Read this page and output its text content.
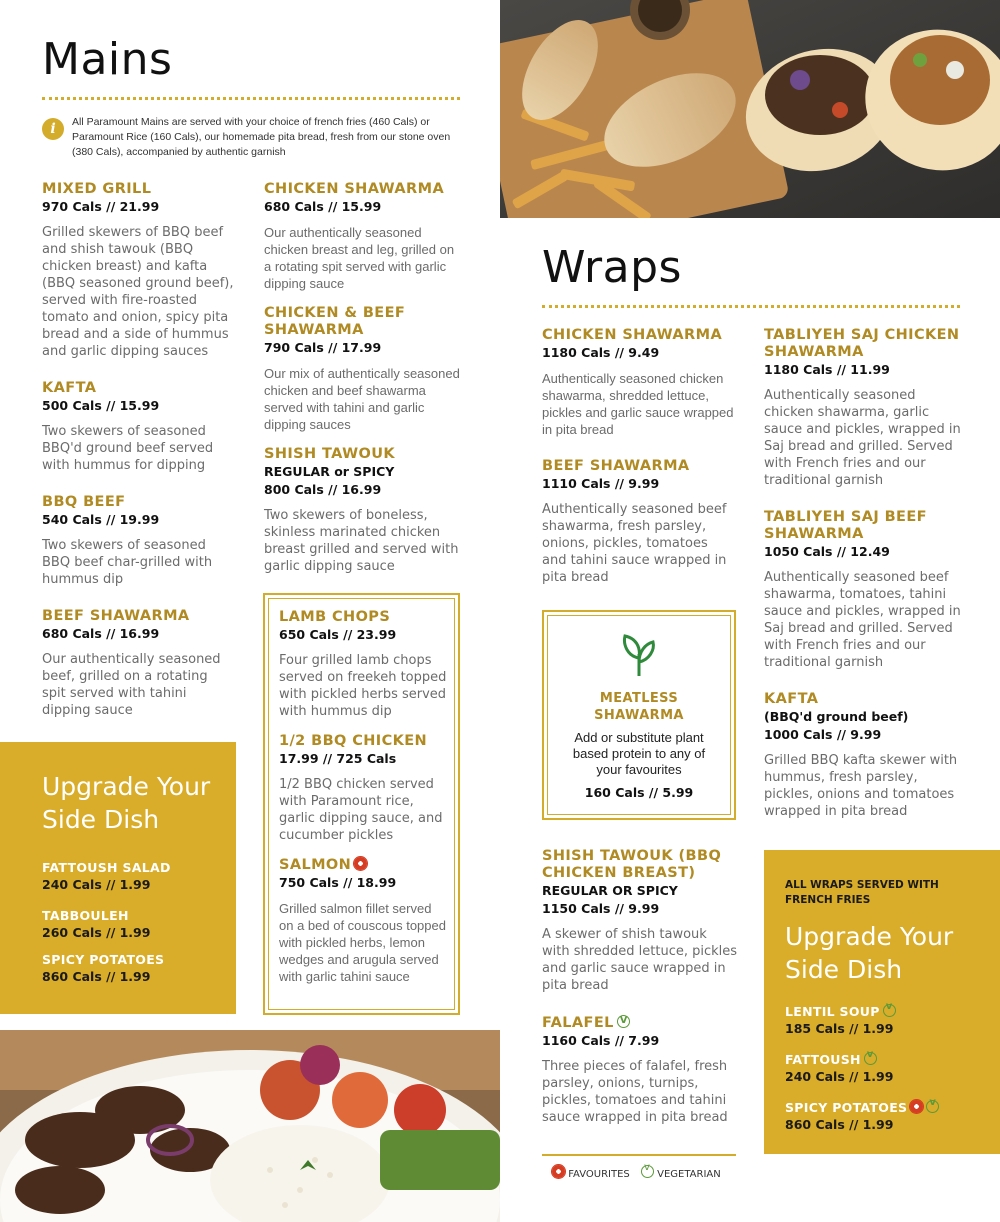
Mains
i	All Paramount Mains are served with your choice of french fries (460 Cals) or Paramount Rice (160 Cals), our homemade pita bread, fresh from our stone oven (380 Cals), accompanied by authentic garnish
MIXED GRILL
970 Cals // 21.99
Grilled skewers of BBQ beef and shish tawouk (BBQ chicken breast) and kafta (BBQ seasoned ground beef), served with fire-roasted tomato and onion, spicy pita bread and a side of hummus and garlic dipping sauces
KAFTA
500 Cals // 15.99
Two skewers of seasoned BBQ'd ground beef served with hummus for dipping
BBQ BEEF
540 Cals // 19.99
Two skewers of seasoned BBQ beef char-grilled with hummus dip
BEEF SHAWARMA
680 Cals // 16.99
Our authentically seasoned beef, grilled on a rotating spit served with tahini dipping sauce
CHICKEN SHAWARMA
680 Cals // 15.99
Our authentically seasoned chicken breast and leg, grilled on a rotating spit served with garlic dipping sauce
CHICKEN & BEEF SHAWARMA
790 Cals // 17.99
Our mix of authentically seasoned chicken and beef shawarma served with tahini and garlic dipping sauces
SHISH TAWOUK
REGULAR or SPICY
800 Cals // 16.99
Two skewers of boneless, skinless marinated chicken breast grilled and served with garlic dipping sauce
LAMB CHOPS
650 Cals // 23.99
Four grilled lamb chops served on freekeh topped with pickled herbs served with hummus dip
1/2 BBQ CHICKEN
17.99 // 725 Cals
1/2 BBQ chicken served with Paramount rice, garlic dipping sauce, and cucumber pickles
SALMON
750 Cals // 18.99
Grilled salmon fillet served on a bed of couscous topped with pickled herbs, lemon wedges and arugula served with garlic tahini sauce
Upgrade Your Side Dish
FATTOUSH SALAD
240 Cals // 1.99
TABBOULEH
260 Cals // 1.99
SPICY POTATOES
860 Cals // 1.99
Wraps
CHICKEN SHAWARMA
1180 Cals // 9.49
Authentically seasoned chicken shawarma, shredded lettuce, pickles and garlic sauce wrapped in pita bread
BEEF SHAWARMA
1110 Cals // 9.99
Authentically seasoned beef shawarma, fresh parsley, onions, pickles, tomatoes and tahini sauce wrapped in pita bread
MEATLESS SHAWARMA
Add or substitute plant based protein to any of your favourites
160 Cals // 5.99
SHISH TAWOUK (BBQ CHICKEN BREAST)
REGULAR OR SPICY
1150 Cals // 9.99
A skewer of shish tawouk with shredded lettuce, pickles and garlic sauce wrapped in pita bread
FALAFELV
1160 Cals // 7.99
Three pieces of falafel, fresh parsley, onions, turnips, pickles, tomatoes and tahini sauce wrapped in pita bread
FAVOURITES v	VEGETARIAN
TABLIYEH SAJ CHICKEN SHAWARMA
1180 Cals // 11.99
Authentically seasoned chicken shawarma, garlic sauce and pickles, wrapped in Saj bread and grilled. Served with French fries and our traditional garnish
TABLIYEH SAJ BEEF SHAWARMA
1050 Cals // 12.49
Authentically seasoned beef shawarma, tomatoes, tahini sauce and pickles, wrapped in Saj bread and grilled. Served with French fries and our traditional garnish
KAFTA
(BBQ'd ground beef)
1000 Cals // 9.99
Grilled BBQ kafta skewer with hummus, fresh parsley, pickles, onions and tomatoes wrapped in pita bread
ALL WRAPS SERVED WITH FRENCH FRIES
Upgrade Your Side Dish
LENTIL SOUPv
185 Cals // 1.99
FATTOUSHv
240 Cals // 1.99
SPICY POTATOESv
860 Cals // 1.99
